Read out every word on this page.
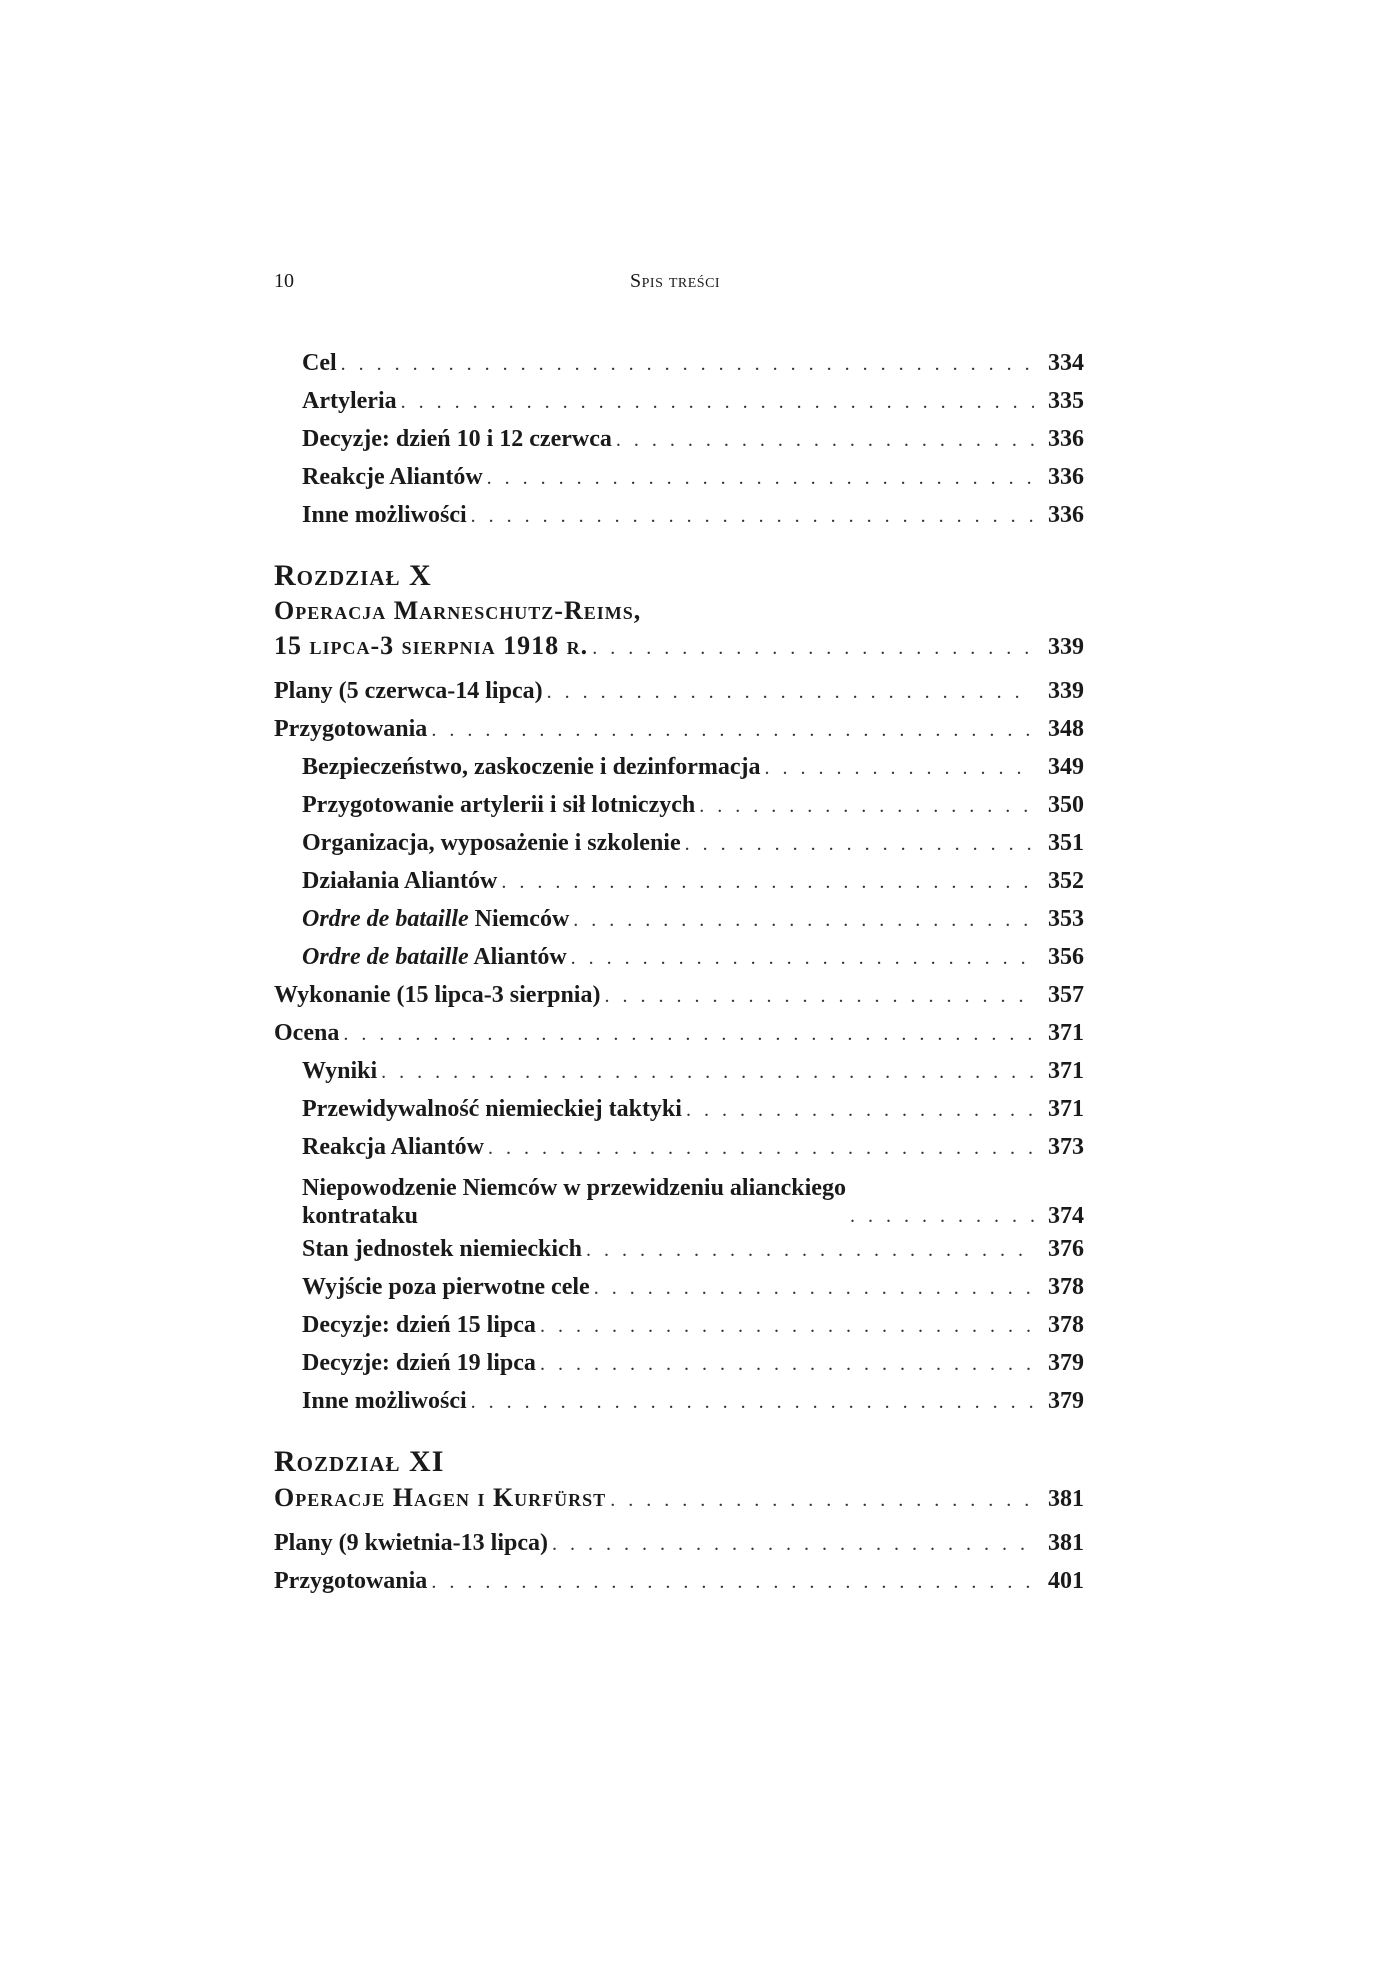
10	Spis treści
Cel . . .	334
Artyleria . . .	335
Decyzje: dzień 10 i 12 czerwca . . .	336
Reakcje Aliantów . . .	336
Inne możliwości . . .	336
Rozdział X
Operacja Marneschutz-Reims,
15 lipca-3 sierpnia 1918 r. . . .	339
Plany (5 czerwca-14 lipca) . . .	339
Przygotowania . . .	348
Bezpieczeństwo, zaskoczenie i dezinformacja . . .	349
Przygotowanie artylerii i sił lotniczych . . .	350
Organizacja, wyposażenie i szkolenie . . .	351
Działania Aliantów . . .	352
Ordre de bataille Niemców . . .	353
Ordre de bataille Aliantów . . .	356
Wykonanie (15 lipca-3 sierpnia) . . .	357
Ocena . . .	371
Wyniki . . .	371
Przewidywalność niemieckiej taktyki . . .	371
Reakcja Aliantów . . .	373
Niepowodzenie Niemców w przewidzeniu alianckiego
kontrataku . . .	374
Stan jednostek niemieckich . . .	376
Wyjście poza pierwotne cele . . .	378
Decyzje: dzień 15 lipca . . .	378
Decyzje: dzień 19 lipca . . .	379
Inne możliwości . . .	379
Rozdział XI
Operacje Hagen i Kurfürst . . .	381
Plany (9 kwietnia-13 lipca) . . .	381
Przygotowania . . .	401
